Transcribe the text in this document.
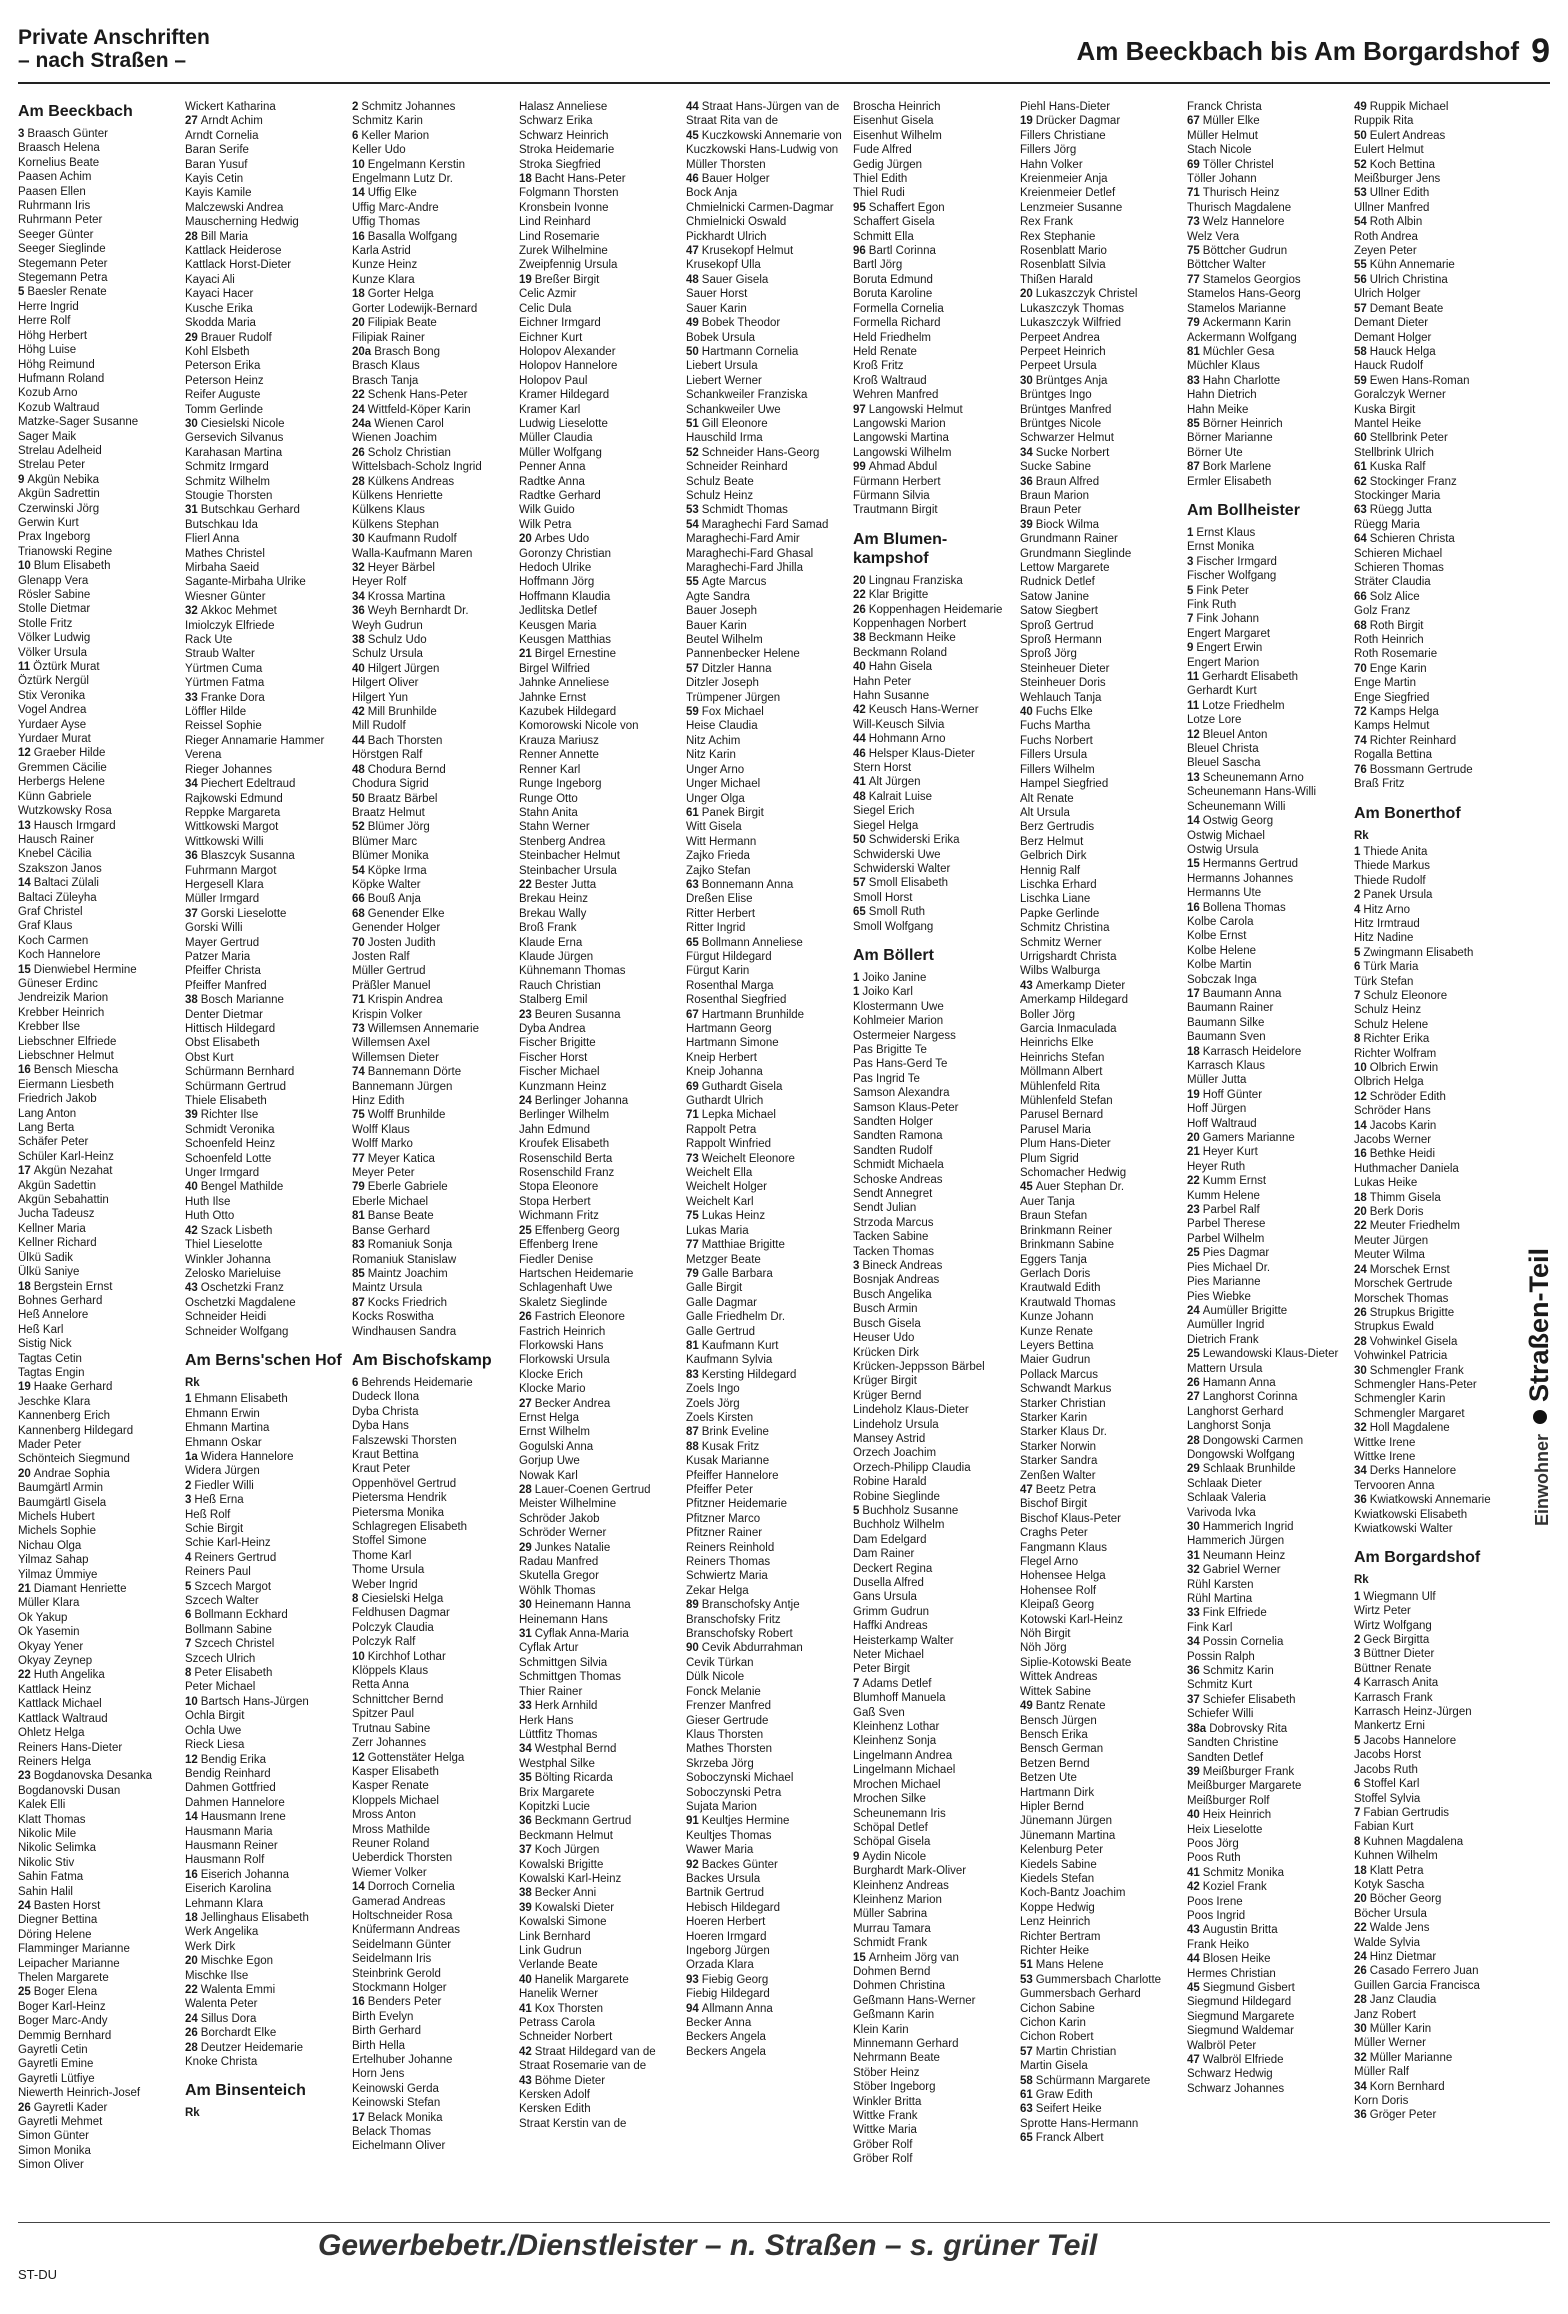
Private Anschriften
– nach Straßen –	Am Beeckbach bis Am Borgardshof 9
Am Beeckbach
3 Braasch Günter
Braasch Helena
Kornelius Beate
Paasen Achim
Paasen Ellen
Ruhrmann Iris
Ruhrmann Peter
Seeger Günter
Seeger Sieglinde
Stegemann Peter
Stegemann Petra
5 Baesler Renate
Herre Ingrid
Herre Rolf
Höhg Herbert
Höhg Luise
Höhg Reimund
Hufmann Roland
Kozub Arno
Kozub Waltraud
Matzke-Sager Susanne
Sager Maik
Strelau Adelheid
Strelau Peter
9 Akgün Nebika
Akgün Sadrettin
Czerwinski Jörg
Gerwin Kurt
Prax Ingeborg
Trianowski Regine
10 Blum Elisabeth
Glenapp Vera
Rösler Sabine
Stolle Dietmar
Stolle Fritz
Völker Ludwig
Völker Ursula
11 Öztürk Murat
Öztürk Nergül
Stix Veronika
Vogel Andrea
Yurdaer Ayse
Yurdaer Murat
12 Graeber Hilde
Gremmen Cäcilie
Herbergs Helene
Künn Gabriele
Wutzkowsky Rosa
13 Hausch Irmgard
Hausch Rainer
Knebel Cäcilia
Szakszon Janos
14 Baltaci Zülali
Baltaci Züleyha
Graf Christel
Graf Klaus
Koch Carmen
Koch Hannelore
15 Dienwiebel Hermine
Güneser Erdinc
Jendreizik Marion
Krebber Heinrich
Krebber Ilse
Liebschner Elfriede
Liebschner Helmut
16 Bensch Miescha
Eiermann Liesbeth
Friedrich Jakob
Lang Anton
Lang Berta
Schäfer Peter
Schüler Karl-Heinz
17 Akgün Nezahat
Akgün Sadettin
Akgün Sebahattin
Jucha Tadeusz
Kellner Maria
Kellner Richard
Ülkü Sadik
Ülkü Saniye
18 Bergstein Ernst
Bohnes Gerhard
Heß Annelore
Heß Karl
Sistig Nick
Tagtas Cetin
Tagtas Engin
19 Haake Gerhard
Jeschke Klara
Kannenberg Erich
Kannenberg Hildegard
Mader Peter
Schönteich Siegmund
20 Andrae Sophia
Baumgärtl Armin
Baumgärtl Gisela
Michels Hubert
Michels Sophie
Nichau Olga
Yilmaz Sahap
Yilmaz Ümmiye
21 Diamant Henriette
Müller Klara
Ok Yakup
Ok Yasemin
Okyay Yener
Okyay Zeynep
22 Huth Angelika
Kattlack Heinz
Kattlack Michael
Kattlack Waltraud
Ohletz Helga
Reiners Hans-Dieter
Reiners Helga
23 Bogdanovska Desanka
Bogdanovski Dusan
Kalek Elli
Klatt Thomas
Nikolic Mile
Nikolic Selimka
Nikolic Stiv
Sahin Fatma
Sahin Halil
24 Basten Horst
Diegner Bettina
Döring Helene
Flamminger Marianne
Leipacher Marianne
Thelen Margarete
25 Boger Elena
Boger Karl-Heinz
Boger Marc-Andy
Demmig Bernhard
Gayretli Cetin
Gayretli Emine
Gayretli Lütfiye
Niewerth Heinrich-Josef
26 Gayretli Kader
Gayretli Mehmet
Simon Günter
Simon Monika
Simon Oliver
Wickert Katharina
27 Arndt Achim
Arndt Cornelia
Baran Serife
Baran Yusuf
Kayis Cetin
Kayis Kamile
Malczewski Andrea
Mauscherning Hedwig
28 Bill Maria
Kattlack Heiderose
Kattlack Horst-Dieter
Kayaci Ali
Kayaci Hacer
Kusche Erika
Skodda Maria
29 Brauer Rudolf
Kohl Elsbeth
Peterson Erika
Peterson Heinz
Reifer Auguste
Tomm Gerlinde
30 Ciesielski Nicole
Gersevich Silvanus
Karahasan Martina
Schmitz Irmgard
Schmitz Wilhelm
Stougie Thorsten
31 Butschkau Gerhard
Butschkau Ida
Flierl Anna
Mathes Christel
Mirbaha Saeid
Sagante-Mirbaha Ulrike
Wiesner Günter
32 Akkoc Mehmet
Imiolczyk Elfriede
Rack Ute
Straub Walter
Yürtmen Cuma
Yürtmen Fatma
33 Franke Dora
Löffler Hilde
Reissel Sophie
Rieger Annamarie Hammer
Verena
Rieger Johannes
34 Piechert Edeltraud
Rajkowski Edmund
Reppke Margareta
Wittkowski Margot
Wittkowski Willi
36 Blaszcyk Susanna
Fuhrmann Margot
Hergesell Klara
Müller Irmgard
37 Gorski Lieselotte
Gorski Willi
Mayer Gertrud
Patzer Maria
Pfeiffer Christa
Pfeiffer Manfred
38 Bosch Marianne
Denter Dietmar
Hittisch Hildegard
Obst Elisabeth
Obst Kurt
Schürmann Bernhard
Schürmann Gertrud
Thiele Elisabeth
39 Richter Ilse
Schmidt Veronika
Schoenfeld Heinz
Schoenfeld Lotte
Unger Irmgard
40 Bengel Mathilde
Huth Ilse
Huth Otto
42 Szack Lisbeth
Thiel Lieselotte
Winkler Johanna
Zelosko Marieluise
43 Oschetzki Franz
Oschetzki Magdalene
Schneider Heidi
Schneider Wolfgang
Am Berns'schen Hof
Rk
1 Ehmann Elisabeth
Ehmann Erwin
Ehmann Martina
Ehmann Oskar
1a Widera Hannelore
Widera Jürgen
2 Fiedler Willi
3 Heß Erna
Heß Rolf
Schie Birgit
Schie Karl-Heinz
4 Reiners Gertrud
Reiners Paul
5 Szcech Margot
Szcech Walter
6 Bollmann Eckhard
Bollmann Sabine
7 Szcech Christel
Szcech Ulrich
8 Peter Elisabeth
Peter Michael
10 Bartsch Hans-Jürgen
Ochla Birgit
Ochla Uwe
Rieck Liesa
12 Bendig Erika
Bendig Reinhard
Dahmen Gottfried
Dahmen Hannelore
14 Hausmann Irene
Hausmann Maria
Hausmann Reiner
Hausmann Rolf
16 Eiserich Johanna
Eiserich Karolina
Lehmann Klara
18 Jellinghaus Elisabeth
Werk Angelika
Werk Dirk
20 Mischke Egon
Mischke Ilse
22 Walenta Emmi
Walenta Peter
24 Sillus Dora
26 Borchardt Elke
28 Deutzer Heidemarie
Knoke Christa
Am Binsenteich
Rk
2 Schmitz Johannes
Schmitz Karin
6 Keller Marion
Keller Udo
10 Engelmann Kerstin
Engelmann Lutz Dr.
14 Uffig Elke
Uffig Marc-Andre
Uffig Thomas
16 Basalla Wolfgang
Karla Astrid
Kunze Heinz
Kunze Klara
18 Gorter Helga
Gorter Lodewijk-Bernard
20 Filipiak Beate
Filipiak Rainer
20a Brasch Bong
Brasch Klaus
Brasch Tanja
22 Schenk Hans-Peter
24 Wittfeld-Köper Karin
24a Wienen Carol
Wienen Joachim
26 Scholz Christian
Wittelsbach-Scholz Ingrid
28 Külkens Andreas
Külkens Henriette
Külkens Klaus
Külkens Stephan
30 Kaufmann Rudolf
Walla-Kaufmann Maren
32 Heyer Bärbel
Heyer Rolf
34 Krossa Martina
36 Weyh Bernhardt Dr.
Weyh Gudrun
38 Schulz Udo
Schulz Ursula
40 Hilgert Jürgen
Hilgert Oliver
Hilgert Yun
42 Mill Brunhilde
Mill Rudolf
44 Bach Thorsten
Hörstgen Ralf
48 Chodura Bernd
Chodura Sigrid
50 Braatz Bärbel
Braatz Helmut
52 Blümer Jörg
Blümer Marc
Blümer Monika
54 Köpke Irma
Köpke Walter
66 Bouß Anja
68 Genender Elke
Genender Holger
70 Josten Judith
Josten Ralf
Müller Gertrud
Präßler Manuel
71 Krispin Andrea
Krispin Volker
73 Willemsen Annemarie
Willemsen Axel
Willemsen Dieter
74 Bannemann Dörte
Bannemann Jürgen
Hinz Edith
75 Wolff Brunhilde
Wolff Klaus
Wolff Marko
77 Meyer Katica
Meyer Peter
79 Eberle Gabriele
Eberle Michael
81 Banse Beate
Banse Gerhard
83 Romaniuk Sonja
Romaniuk Stanislaw
85 Maintz Joachim
Maintz Ursula
87 Kocks Friedrich
Kocks Roswitha
Windhausen Sandra
Am Bischofskamp
6 Behrends Heidemarie
Dudeck Ilona
Dyba Christa
Dyba Hans
Falszewski Thorsten
Kraut Bettina
Kraut Peter
Oppenhövel Gertrud
Pietersma Hendrik
Pietersma Monika
Schlagregen Elisabeth
Stoffel Simone
Thome Karl
Thome Ursula
Weber Ingrid
8 Ciesielski Helga
Feldhusen Dagmar
Polczyk Claudia
Polczyk Ralf
10 Kirchhof Lothar
Klöppels Klaus
Retta Anna
Schnittcher Bernd
Spitzer Paul
Trutnau Sabine
Zerr Johannes
12 Gottenstäter Helga
Kasper Elisabeth
Kasper Renate
Kloppels Michael
Mross Anton
Mross Mathilde
Reuner Roland
Ueberdick Thorsten
Wiemer Volker
14 Dorroch Cornelia
Gamerad Andreas
Holtschneider Rosa
Knüfermann Andreas
Seidelmann Günter
Seidelmann Iris
Steinbrink Gerold
Stockmann Holger
16 Benders Peter
Birth Evelyn
Birth Gerhard
Birth Hella
Ertelhuber Johanne
Horn Jens
Keinowski Gerda
Keinowski Stefan
17 Belack Monika
Belack Thomas
Eichelmann Oliver
Halasz Anneliese
Schwarz Erika
Schwarz Heinrich
Stroka Heidemarie
Stroka Siegfried
18 Bacht Hans-Peter
Folgmann Thorsten
Kronsbein Ivonne
Lind Reinhard
Lind Rosemarie
Zurek Wilhelmine
Zweipfennig Ursula
19 Breßer Birgit
Celic Azmir
Celic Dula
Eichner Irmgard
Eichner Kurt
Holopov Alexander
Holopov Hannelore
Holopov Paul
Kramer Hildegard
Kramer Karl
Ludwig Lieselotte
Müller Claudia
Müller Wolfgang
Penner Anna
Radtke Anna
Radtke Gerhard
Wilk Guido
Wilk Petra
20 Arbes Udo
Goronzy Christian
Hedoch Ulrike
Hoffmann Jörg
Hoffmann Klaudia
Jedlitska Detlef
Keusgen Maria
Keusgen Matthias
21 Birgel Ernestine
Birgel Wilfried
Jahnke Anneliese
Jahnke Ernst
Kazubek Hildegard
Komorowski Nicole von
Krauza Mariusz
Renner Annette
Renner Karl
Runge Ingeborg
Runge Otto
Stahn Anita
Stahn Werner
Stenberg Andrea
Steinbacher Helmut
Steinbacher Ursula
22 Bester Jutta
Brekau Heinz
Brekau Wally
Broß Frank
Klaude Erna
Klaude Jürgen
Kühnemann Thomas
Rauch Christian
Stalberg Emil
23 Beuren Susanna
Dyba Andrea
Fischer Brigitte
Fischer Horst
Fischer Michael
Kunzmann Heinz
24 Berlinger Johanna
Berlinger Wilhelm
Jahn Edmund
Kroufek Elisabeth
Rosenschild Berta
Rosenschild Franz
Stopa Eleonore
Stopa Herbert
Wichmann Fritz
25 Effenberg Georg
Effenberg Irene
Fiedler Denise
Hartschen Heidemarie
Schlagenhaft Uwe
Skaletz Sieglinde
26 Fastrich Eleonore
Fastrich Heinrich
Florkowski Hans
Florkowski Ursula
Klocke Erich
Klocke Mario
27 Becker Andrea
Ernst Helga
Ernst Wilhelm
Gogulski Anna
Gorjup Uwe
Nowak Karl
28 Lauer-Coenen Gertrud
Meister Wilhelmine
Schröder Jakob
Schröder Werner
29 Junkes Natalie
Radau Manfred
Skutella Gregor
Wöhlk Thomas
30 Heinemann Hanna
Heinemann Hans
31 Cyflak Anna-Maria
Cyflak Artur
Schmittgen Silvia
Schmittgen Thomas
Thier Rainer
33 Herk Arnhild
Herk Hans
Lüttfitz Thomas
34 Westphal Bernd
Westphal Silke
35 Bölting Ricarda
Brix Margarete
Kopitzki Lucie
36 Beckmann Gertrud
Beckmann Helmut
37 Koch Jürgen
Kowalski Brigitte
Kowalski Karl-Heinz
38 Becker Anni
39 Kowalski Dieter
Kowalski Simone
Link Bernhard
Link Gudrun
Verlande Beate
40 Hanelik Margarete
Hanelik Werner
41 Kox Thorsten
Petrass Carola
Schneider Norbert
42 Straat Hildegard van de
Straat Rosemarie van de
43 Böhme Dieter
Kersken Adolf
Kersken Edith
Straat Kerstin van de
44 Straat Hans-Jürgen van de
Straat Rita van de
45 Kuczkowski Annemarie von
Kuczkowski Hans-Ludwig von
Müller Thorsten
46 Bauer Holger
Bock Anja
Chmielnicki Carmen-Dagmar
Chmielnicki Oswald
Pickhardt Ulrich
47 Krusekopf Helmut
Krusekopf Ulla
48 Sauer Gisela
Sauer Horst
Sauer Karin
49 Bobek Theodor
Bobek Ursula
50 Hartmann Cornelia
Liebert Ursula
Liebert Werner
Schankweiler Franziska
Schankweiler Uwe
51 Gill Eleonore
Hauschild Irma
52 Schneider Hans-Georg
Schneider Reinhard
Schulz Beate
Schulz Heinz
53 Schmidt Thomas
54 Maraghechi Fard Samad
Maraghechi-Fard Amir
Maraghechi-Fard Ghasal
Maraghechi-Fard Jhilla
55 Agte Marcus
Agte Sandra
Bauer Joseph
Bauer Karin
Beutel Wilhelm
Pannenbecker Helene
57 Ditzler Hanna
Ditzler Joseph
Trümpener Jürgen
59 Fox Michael
Heise Claudia
Nitz Achim
Nitz Karin
Unger Arno
Unger Michael
Unger Olga
61 Panek Birgit
Witt Gisela
Witt Hermann
Zajko Frieda
Zajko Stefan
63 Bonnemann Anna
Dreßen Elise
Ritter Herbert
Ritter Ingrid
65 Bollmann Anneliese
Fürgut Hildegard
Fürgut Karin
Rosenthal Marga
Rosenthal Siegfried
67 Hartmann Brunhilde
Hartmann Georg
Hartmann Simone
Kneip Herbert
Kneip Johanna
69 Guthardt Gisela
Guthardt Ulrich
71 Lepka Michael
Rappolt Petra
Rappolt Winfried
73 Weichelt Eleonore
Weichelt Ella
Weichelt Holger
Weichelt Karl
75 Lukas Heinz
Lukas Maria
77 Matthiae Brigitte
Metzger Beate
79 Galle Barbara
Galle Birgit
Galle Dagmar
Galle Friedhelm Dr.
Galle Gertrud
81 Kaufmann Kurt
Kaufmann Sylvia
83 Kersting Hildegard
Zoels Ingo
Zoels Jörg
Zoels Kirsten
87 Brink Eveline
88 Kusak Fritz
Kusak Marianne
Pfeiffer Hannelore
Pfeiffer Peter
Pfitzner Heidemarie
Pfitzner Marco
Pfitzner Rainer
Reiners Reinhold
Reiners Thomas
Schwiertz Maria
Zekar Helga
89 Branschofsky Antje
Branschofsky Fritz
Branschofsky Robert
90 Cevik Abdurrahman
Cevik Türkan
Dülk Nicole
Fonck Melanie
Frenzer Manfred
Gieser Gertrude
Klaus Thorsten
Mathes Thorsten
Skrzeba Jörg
Soboczynski Michael
Soboczynski Petra
Sujata Marion
91 Keultjes Hermine
Keultjes Thomas
Wawer Maria
92 Backes Günter
Backes Ursula
Bartnik Gertrud
Hebisch Hildegard
Hoeren Herbert
Hoeren Irmgard
Ingeborg Jürgen
Orzada Klara
93 Fiebig Georg
Fiebig Hildegard
94 Allmann Anna
Becker Anna
Beckers Angela
Beckers Angela
Broscha Heinrich
Eisenhut Gisela
Eisenhut Wilhelm
Fude Alfred
Gedig Jürgen
Thiel Edith
Thiel Rudi
95 Schaffert Egon
Schaffert Gisela
Schmitt Ella
96 Bartl Corinna
Bartl Jörg
Boruta Edmund
Boruta Karoline
Formella Cornelia
Formella Richard
Held Friedhelm
Held Renate
Kroß Fritz
Kroß Waltraud
Wehren Manfred
97 Langowski Helmut
Langowski Marion
Langowski Martina
Langowski Wilhelm
99 Ahmad Abdul
Fürmann Herbert
Fürmann Silvia
Trautmann Birgit
Am Blumen-kampshof
20 Lingnau Franziska
22 Klar Brigitte
26 Koppenhagen Heidemarie
Koppenhagen Norbert
38 Beckmann Heike
Beckmann Roland
40 Hahn Gisela
Hahn Peter
Hahn Susanne
42 Keusch Hans-Werner
Will-Keusch Silvia
44 Hohmann Arno
46 Helsper Klaus-Dieter
Stern Horst
41 Alt Jürgen
48 Kalrait Luise
Siegel Erich
Siegel Helga
50 Schwiderski Erika
Schwiderski Uwe
Schwiderski Walter
57 Smoll Elisabeth
Smoll Horst
65 Smoll Ruth
Smoll Wolfgang
Am Böllert
1 Joiko Janine
1 Joiko Karl
Klostermann Uwe
Kohlmeier Marion
Ostermeier Nargess
Pas Brigitte Te
Pas Hans-Gerd Te
Pas Ingrid Te
Samson Alexandra
Samson Klaus-Peter
Sandten Holger
Sandten Ramona
Sandten Rudolf
Schmidt Michaela
Schoske Andreas
Sendt Annegret
Sendt Julian
Strzoda Marcus
Tacken Sabine
Tacken Thomas
3 Bineck Andreas
Bosnjak Andreas
Busch Angelika
Busch Armin
Busch Gisela
Heuser Udo
Krücken Dirk
Krücken-Jeppsson Bärbel
Krüger Birgit
Krüger Bernd
Lindeholz Klaus-Dieter
Lindeholz Ursula
Mansey Astrid
Orzech Joachim
Orzech-Philipp Claudia
Robine Harald
Robine Sieglinde
5 Buchholz Susanne
Buchholz Wilhelm
Dam Edelgard
Dam Rainer
Deckert Regina
Dusella Alfred
Gans Ursula
Grimm Gudrun
Haffki Andreas
Heisterkamp Walter
Neter Michael
Peter Birgit
7 Adams Detlef
Blumhoff Manuela
Gaß Sven
Kleinhenz Lothar
Kleinhenz Sonja
Lingelmann Andrea
Lingelmann Michael
Mrochen Michael
Mrochen Silke
Scheunemann Iris
Schöpal Detlef
Schöpal Gisela
9 Aydin Nicole
Burghardt Mark-Oliver
Kleinhenz Andreas
Kleinhenz Marion
Müller Sabrina
Murrau Tamara
Schmidt Frank
15 Arnheim Jörg van
Dohmen Bernd
Dohmen Christina
Geßmann Hans-Werner
Geßmann Karin
Klein Karin
Minnemann Gerhard
Nehrmann Beate
Stöber Heinz
Stöber Ingeborg
Winkler Britta
Wittke Frank
Wittke Maria
Gröber Rolf
Gröber Rolf
Piehl Hans-Dieter
19 Drücker Dagmar
Fillers Christiane
Fillers Jörg
Hahn Volker
Kreienmeier Anja
Kreienmeier Detlef
Lenzmeier Susanne
Rex Frank
Rex Stephanie
Rosenblatt Mario
Rosenblatt Silvia
Thißen Harald
20 Lukaszczyk Christel
Lukaszczyk Thomas
Lukaszczyk Wilfried
Perpeet Andrea
Perpeet Heinrich
Perpeet Ursula
30 Brüntges Anja
Brüntges Ingo
Brüntges Manfred
Brüntges Nicole
Schwarzer Helmut
34 Sucke Norbert
Sucke Sabine
36 Braun Alfred
Braun Marion
Braun Peter
39 Biock Wilma
Grundmann Rainer
Grundmann Sieglinde
Lettow Margarete
Rudnick Detlef
Satow Janine
Satow Siegbert
Sproß Gertrud
Sproß Hermann
Sproß Jörg
Steinheuer Dieter
Steinheuer Doris
Wehlauch Tanja
40 Fuchs Elke
Fuchs Martha
Fuchs Norbert
Fillers Ursula
Fillers Wilhelm
Hampel Siegfried
Alt Renate
Alt Ursula
Berz Gertrudis
Berz Helmut
Gelbrich Dirk
Hennig Ralf
Lischka Erhard
Lischka Liane
Papke Gerlinde
Schmitz Christina
Schmitz Werner
Urrigshardt Christa
Wilbs Walburga
43 Amerkamp Dieter
Amerkamp Hildegard
Boller Jörg
Garcia Inmaculada
Heinrichs Elke
Heinrichs Stefan
Möllmann Albert
Mühlenfeld Rita
Mühlenfeld Stefan
Parusel Bernard
Parusel Maria
Plum Hans-Dieter
Plum Sigrid
Schomacher Hedwig
45 Auer Stephan Dr.
Auer Tanja
Braun Stefan
Brinkmann Reiner
Brinkmann Sabine
Eggers Tanja
Gerlach Doris
Krautwald Edith
Krautwald Thomas
Kunze Johann
Kunze Renate
Leyers Bettina
Maier Gudrun
Pollack Marcus
Schwandt Markus
Starker Christian
Starker Karin
Starker Klaus Dr.
Starker Norwin
Starker Sandra
Zenßen Walter
47 Beetz Petra
Bischof Birgit
Bischof Klaus-Peter
Craghs Peter
Fangmann Klaus
Flegel Arno
Hohensee Helga
Hohensee Rolf
Kleipaß Georg
Kotowski Karl-Heinz
Nöh Birgit
Nöh Jörg
Siplie-Kotowski Beate
Wittek Andreas
Wittek Sabine
49 Bantz Renate
Bensch Jürgen
Bensch Erika
Bensch German
Betzen Bernd
Betzen Ute
Hartmann Dirk
Hipler Bernd
Jünemann Jürgen
Jünemann Martina
Kelenburg Peter
Kiedels Sabine
Kiedels Stefan
Koch-Bantz Joachim
Koppe Hedwig
Lenz Heinrich
Richter Bertram
Richter Heike
51 Mans Helene
53 Gummersbach Charlotte
Gummersbach Gerhard
Cichon Sabine
Cichon Karin
Cichon Robert
57 Martin Christian
Martin Gisela
58 Schürmann Margarete
61 Graw Edith
63 Seifert Heike
Sprotte Hans-Hermann
65 Franck Albert
Franck Christa
67 Müller Elke
Müller Helmut
Stach Nicole
69 Töller Christel
Töller Johann
71 Thurisch Heinz
Thurisch Magdalene
73 Welz Hannelore
Welz Vera
75 Böttcher Gudrun
Böttcher Walter
77 Stamelos Georgios
Stamelos Hans-Georg
Stamelos Marianne
79 Ackermann Karin
Ackermann Wolfgang
81 Müchler Gesa
Müchler Klaus
83 Hahn Charlotte
Hahn Dietrich
Hahn Meike
85 Börner Heinrich
Börner Marianne
Börner Ute
87 Bork Marlene
Ermler Elisabeth
Am Bollheister
1 Ernst Klaus
Ernst Monika
3 Fischer Irmgard
Fischer Wolfgang
5 Fink Peter
Fink Ruth
7 Fink Johann
Engert Margaret
9 Engert Erwin
Engert Marion
11 Gerhardt Elisabeth
Gerhardt Kurt
11 Lotze Friedhelm
Lotze Lore
12 Bleuel Anton
Bleuel Christa
Bleuel Sascha
13 Scheunemann Arno
Scheunemann Hans-Willi
Scheunemann Willi
14 Ostwig Georg
Ostwig Michael
Ostwig Ursula
15 Hermanns Gertrud
Hermanns Johannes
Hermanns Ute
16 Bollena Thomas
Kolbe Carola
Kolbe Ernst
Kolbe Helene
Kolbe Martin
Sobczak Inga
17 Baumann Anna
Baumann Rainer
Baumann Silke
Baumann Sven
18 Karrasch Heidelore
Karrasch Klaus
Müller Jutta
19 Hoff Günter
Hoff Jürgen
Hoff Waltraud
20 Gamers Marianne
21 Heyer Kurt
Heyer Ruth
22 Kumm Ernst
Kumm Helene
23 Parbel Ralf
Parbel Therese
Parbel Wilhelm
25 Pies Dagmar
Pies Michael Dr.
Pies Marianne
Pies Wiebke
24 Aumüller Brigitte
Aumüller Ingrid
Dietrich Frank
25 Lewandowski Klaus-Dieter
Mattern Ursula
26 Hamann Anna
27 Langhorst Corinna
Langhorst Gerhard
Langhorst Sonja
28 Dongowski Carmen
Dongowski Wolfgang
29 Schlaak Brunhilde
Schlaak Dieter
Schlaak Valeria
Varivoda Ivka
30 Hammerich Ingrid
Hammerich Jürgen
31 Neumann Heinz
32 Gabriel Werner
Rühl Karsten
Rühl Martina
33 Fink Elfriede
Fink Karl
34 Possin Cornelia
Possin Ralph
36 Schmitz Karin
Schmitz Kurt
37 Schiefer Elisabeth
Schiefer Willi
38a Dobrovsky Rita
Sandten Christine
Sandten Detlef
39 Meißburger Frank
Meißburger Margarete
Meißburger Rolf
40 Heix Heinrich
Heix Lieselotte
Poos Jörg
Poos Ruth
41 Schmitz Monika
42 Koziel Frank
Poos Irene
Poos Ingrid
43 Augustin Britta
Frank Heiko
44 Blosen Heike
Hermes Christian
45 Siegmund Gisbert
Siegmund Hildegard
Siegmund Margarete
Siegmund Waldemar
Walbröl Peter
47 Walbröl Elfriede
Schwarz Hedwig
Schwarz Johannes
49 Ruppik Michael
Ruppik Rita
50 Eulert Andreas
Eulert Helmut
52 Koch Bettina
Meißburger Jens
53 Ullner Edith
Ullner Manfred
54 Roth Albin
Roth Andrea
Zeyen Peter
55 Kühn Annemarie
56 Ulrich Christina
Ulrich Holger
57 Demant Beate
Demant Dieter
Demant Holger
58 Hauck Helga
Hauck Rudolf
59 Ewen Hans-Roman
Goralczyk Werner
Kuska Birgit
Mantel Heike
60 Stellbrink Peter
Stellbrink Ulrich
61 Kuska Ralf
62 Stockinger Franz
Stockinger Maria
63 Rüegg Jutta
Rüegg Maria
64 Schieren Christa
Schieren Michael
Schieren Thomas
Sträter Claudia
66 Solz Alice
Golz Franz
68 Roth Birgit
Roth Heinrich
Roth Rosemarie
70 Enge Karin
Enge Martin
Enge Siegfried
72 Kamps Helga
Kamps Helmut
74 Richter Reinhard
Rogalla Bettina
76 Bossmann Gertrude
Braß Fritz
Am Bonerthof
Rk
1 Thiede Anita
Thiede Markus
Thiede Rudolf
2 Panek Ursula
4 Hitz Arno
Hitz Irmtraud
Hitz Nadine
5 Zwingmann Elisabeth
6 Türk Maria
Türk Stefan
7 Schulz Eleonore
Schulz Heinz
Schulz Helene
8 Richter Erika
Richter Wolfram
10 Olbrich Erwin
Olbrich Helga
12 Schröder Edith
Schröder Hans
14 Jacobs Karin
Jacobs Werner
16 Bethke Heidi
Huthmacher Daniela
Lukas Heike
18 Thimm Gisela
20 Berk Doris
22 Meuter Friedhelm
Meuter Jürgen
Meuter Wilma
24 Morschek Ernst
Morschek Gertrude
Morschek Thomas
26 Strupkus Brigitte
Strupkus Ewald
28 Vohwinkel Gisela
Vohwinkel Patricia
30 Schmengler Frank
Schmengler Hans-Peter
Schmengler Karin
Schmengler Margaret
32 Holl Magdalene
Wittke Irene
Wittke Irene
34 Derks Hannelore
Tervooren Anna
36 Kwiatkowski Annemarie
Kwiatkowski Elisabeth
Kwiatkowski Walter
Am Borgardshof
Rk
1 Wiegmann Ulf
Wirtz Peter
Wirtz Wolfgang
2 Geck Birgitta
3 Büttner Dieter
Büttner Renate
4 Karrasch Anita
Karrasch Frank
Karrasch Heinz-Jürgen
Mankertz Erni
5 Jacobs Hannelore
Jacobs Horst
Jacobs Ruth
6 Stoffel Karl
Stoffel Sylvia
7 Fabian Gertrudis
Fabian Kurt
8 Kuhnen Magdalena
Kuhnen Wilhelm
18 Klatt Petra
Kotyk Sascha
20 Böcher Georg
Böcher Ursula
22 Walde Jens
Walde Sylvia
24 Hinz Dietmar
26 Casado Ferrero Juan
Guillen Garcia Francisca
28 Janz Claudia
Janz Robert
30 Müller Karin
Müller Werner
32 Müller Marianne
Müller Ralf
34 Korn Bernhard
Korn Doris
36 Gröger Peter
EinwohnerStraßen-Teil
ST-DU
Gewerbebetr./Dienstleister – n. Straßen – s. grüner Teil
